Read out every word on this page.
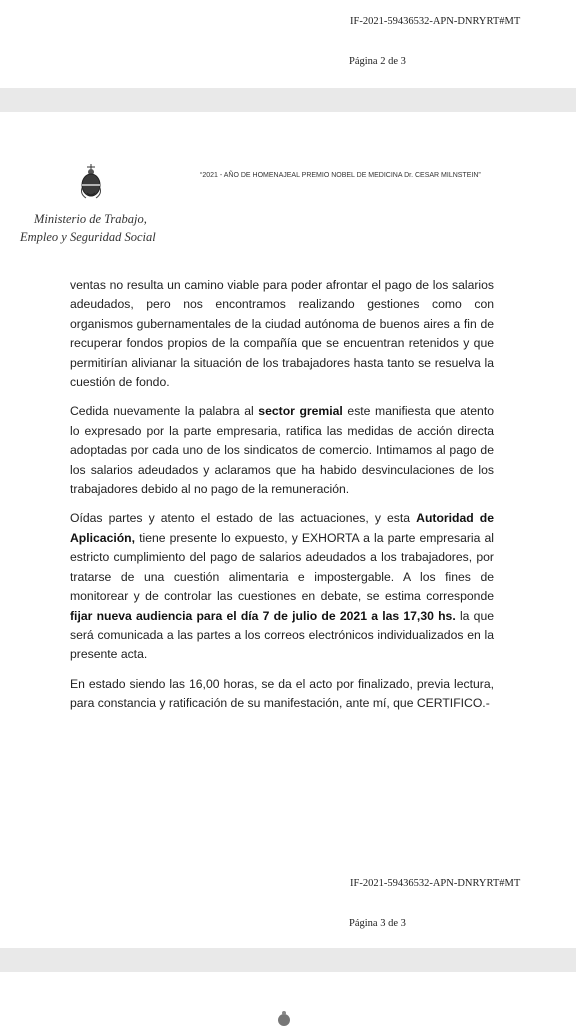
IF-2021-59436532-APN-DNRYRT#MT
Página 2 de 3
“2021 - AÑO DE HOMENAJEAL PREMIO NOBEL DE MEDICINA Dr. CESAR MILNSTEIN”
Ministerio de Trabajo,
Empleo y Seguridad Social

ventas no resulta un camino viable para poder afrontar el pago de los salarios adeudados, pero nos encontramos realizando gestiones como con organismos gubernamentales de la ciudad autónoma de buenos aires a fin de recuperar fondos propios de la compañía que se encuentran retenidos y que permitirían alivianar la situación de los trabajadores hasta tanto se resuelva la cuestión de fondo.

Cedida nuevamente la palabra al sector gremial este manifiesta que atento lo expresado por la parte empresaria, ratifica las medidas de acción directa adoptadas por cada uno de los sindicatos de comercio. Intimamos al pago de los salarios adeudados y aclaramos que ha habido desvinculaciones de los trabajadores debido al no pago de la remuneración.

Oídas partes y atento el estado de las actuaciones, y esta Autoridad de Aplicación, tiene presente lo expuesto, y EXHORTA a la parte empresaria al estricto cumplimiento del pago de salarios adeudados a los trabajadores, por tratarse de una cuestión alimentaria e impostergable. A los fines de monitorear y de controlar las cuestiones en debate, se estima corresponde fijar nueva audiencia para el día 7 de julio de 2021 a las 17,30 hs. la que será comunicada a las partes a los correos electrónicos individualizados en la presente acta.

En estado siendo las 16,00 horas, se da el acto por finalizado, previa lectura, para constancia y ratificación de su manifestación, ante mí, que CERTIFICO.-

IF-2021-59436532-APN-DNRYRT#MT
Página 3 de 3
